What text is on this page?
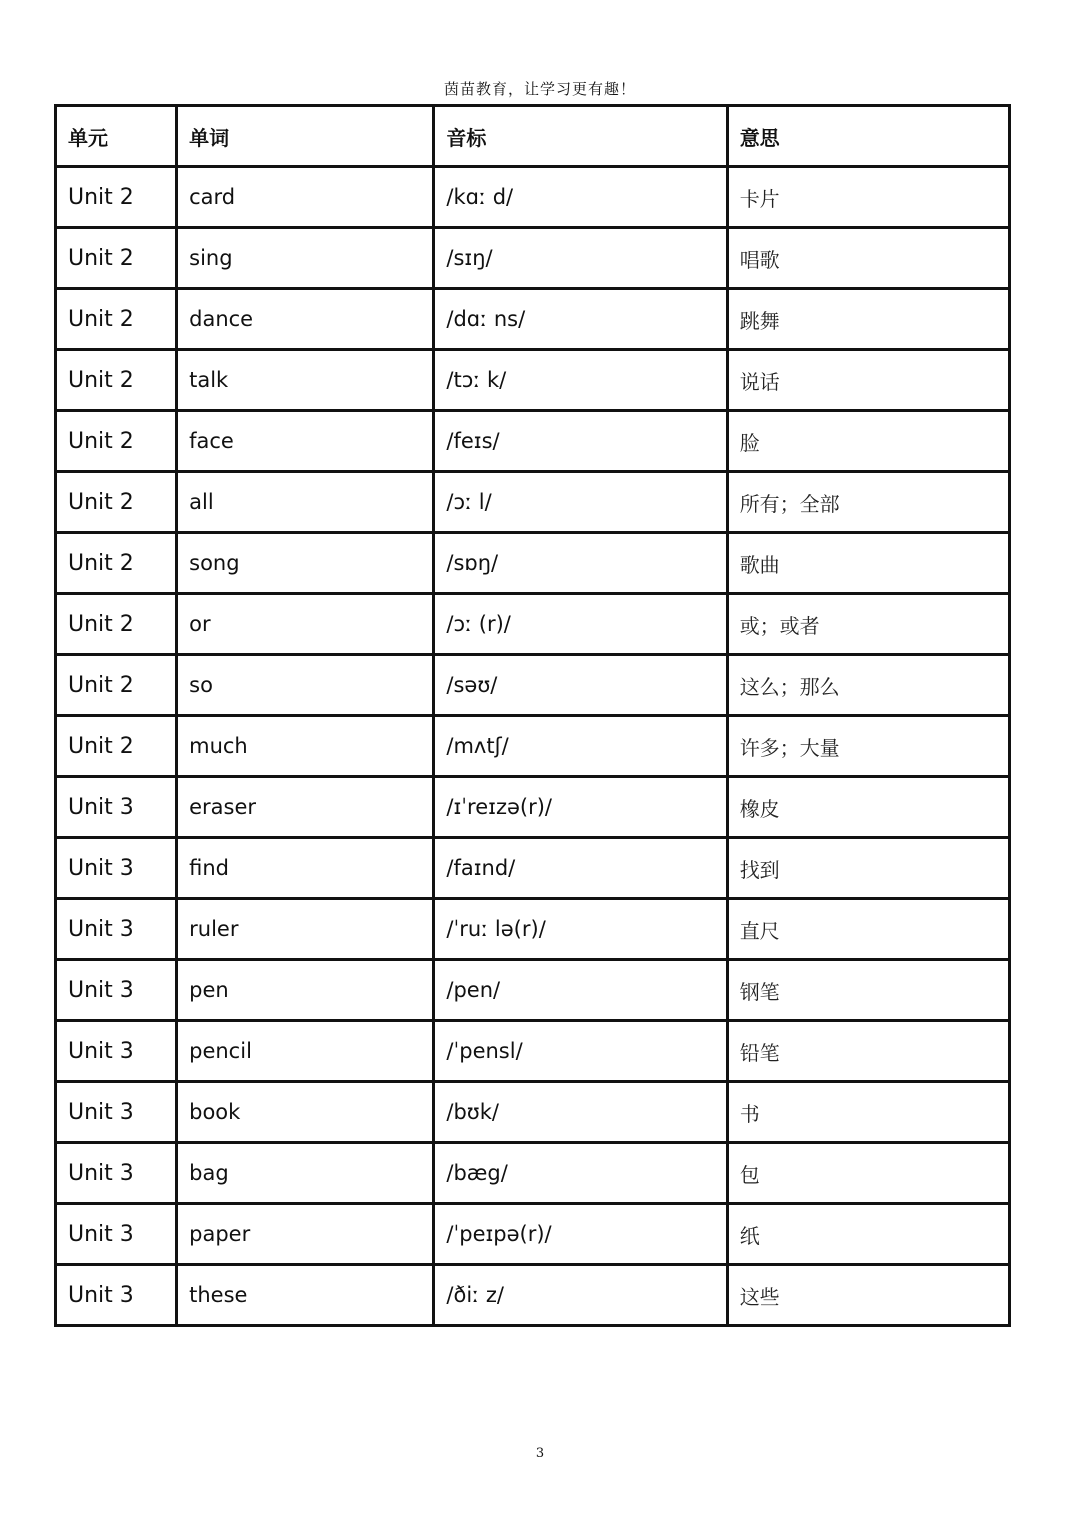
茵苗教育，让学习更有趣！
单元	单词	音标	意思
Unit 2	card	/kɑː d/	卡片
Unit 2	sing	/sɪŋ/	唱歌
Unit 2	dance	/dɑː ns/	跳舞
Unit 2	talk	/tɔː k/	说话
Unit 2	face	/feɪs/	脸
Unit 2	all	/ɔː l/	所有；全部
Unit 2	song	/sɒŋ/	歌曲
Unit 2	or	/ɔː (r)/	或；或者
Unit 2	so	/səʊ/	这么；那么
Unit 2	much	/mʌtʃ/	许多；大量
Unit 3	eraser	/ɪˈreɪzə(r)/	橡皮
Unit 3	find	/faɪnd/	找到
Unit 3	ruler	/ˈruː lə(r)/	直尺
Unit 3	pen	/pen/	钢笔
Unit 3	pencil	/ˈpensl/	铅笔
Unit 3	book	/bʊk/	书
Unit 3	bag	/bæg/	包
Unit 3	paper	/ˈpeɪpə(r)/	纸
Unit 3	these	/ðiː z/	这些
3
